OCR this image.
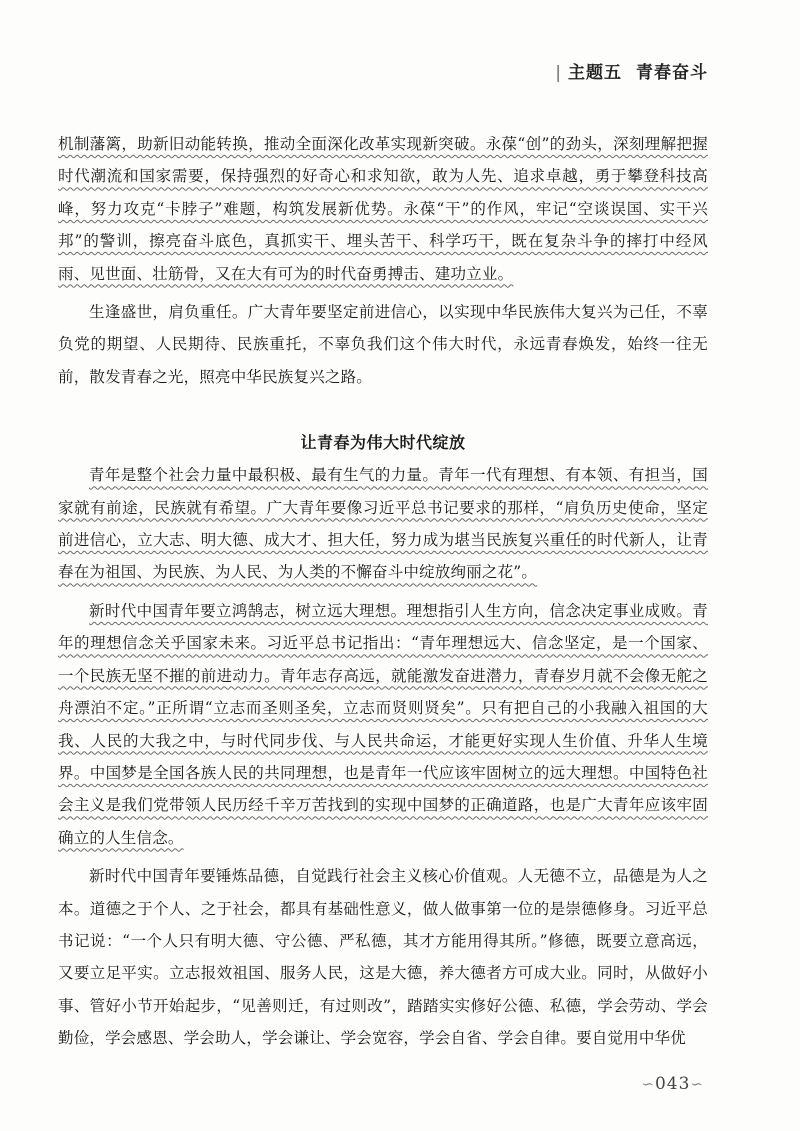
| 主题五 青春奋斗

机制藩篱，助新旧动能转换，推动全面深化改革实现新突破。永葆“创”的劲头，深刻理解把握时代潮流和国家需要，保持强烈的好奇心和求知欲，敢为人先、追求卓越，勇于攀登科技高峰，努力攻克“卡脖子”难题，构筑发展新优势。永葆“干”的作风，牢记“空谈误国、实干兴邦”的警训，擦亮奋斗底色，真抓实干、埋头苦干、科学巧干，既在复杂斗争的摔打中经风雨、见世面、壮筋骨，又在大有可为的时代奋勇搏击、建功立业。

生逢盛世，肩负重任。广大青年要坚定前进信心，以实现中华民族伟大复兴为己任，不辜负党的期望、人民期待、民族重托，不辜负我们这个伟大时代，永远青春焕发，始终一往无前，散发青春之光，照亮中华民族复兴之路。

让青春为伟大时代绽放

青年是整个社会力量中最积极、最有生气的力量。青年一代有理想、有本领、有担当，国家就有前途，民族就有希望。广大青年要像习近平总书记要求的那样，“肩负历史使命，坚定前进信心，立大志、明大德、成大才、担大任，努力成为堪当民族复兴重任的时代新人，让青春在为祖国、为民族、为人民、为人类的不懈奋斗中绽放绚丽之花”。

新时代中国青年要立鸿鹄志，树立远大理想。理想指引人生方向，信念决定事业成败。青年的理想信念关乎国家未来。习近平总书记指出：“青年理想远大、信念坚定，是一个国家、一个民族无坚不摧的前进动力。青年志存高远，就能激发奋进潜力，青春岁月就不会像无舵之舟漂泊不定。”正所谓“立志而圣则圣矣，立志而贤则贤矣”。只有把自己的小我融入祖国的大我、人民的大我之中，与时代同步伐、与人民共命运，才能更好实现人生价值、升华人生境界。中国梦是全国各族人民的共同理想，也是青年一代应该牢固树立的远大理想。中国特色社会主义是我们党带领人民历经千辛万苦找到的实现中国梦的正确道路，也是广大青年应该牢固确立的人生信念。

新时代中国青年要锤炼品德，自觉践行社会主义核心价值观。人无德不立，品德是为人之本。道德之于个人、之于社会，都具有基础性意义，做人做事第一位的是崇德修身。习近平总书记说：“一个人只有明大德、守公德、严私德，其才方能用得其所。”修德，既要立意高远，又要立足平实。立志报效祖国、服务人民，这是大德，养大德者方可成大业。同时，从做好小事、管好小节开始起步，“见善则迁，有过则改”，踏踏实实修好公德、私德，学会劳动、学会勤俭，学会感恩、学会助人，学会谦让、学会宽容，学会自省、学会自律。要自觉用中华优

∽043∽
